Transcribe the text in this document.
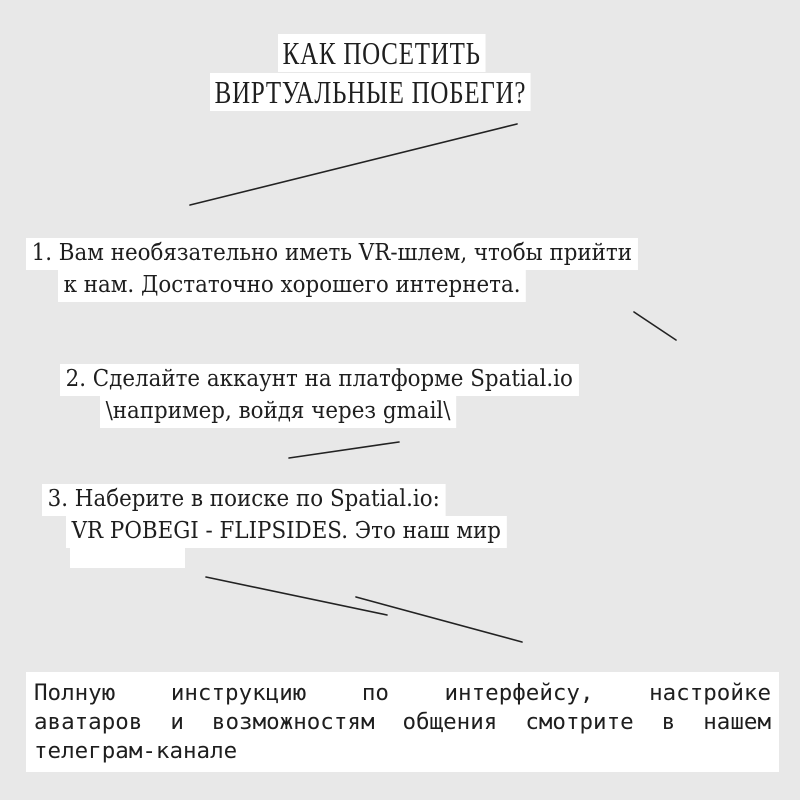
КАК ПОСЕТИТЬ
ВИРТУАЛЬНЫЕ ПОБЕГИ?
1. Вам необязательно иметь VR-шлем, чтобы прийти
к нам. Достаточно хорошего интернета.
2. Сделайте аккаунт на платформе Spatial.io
\например, войдя через gmail\
3. Наберите в поиске по Spatial.io:
VR POBEGI - FLIPSIDES. Это наш мир
Полную инструкцию по интерфейсу, настройке
аватаров и возможностям общения смотрите в нашем
телеграм-канале
